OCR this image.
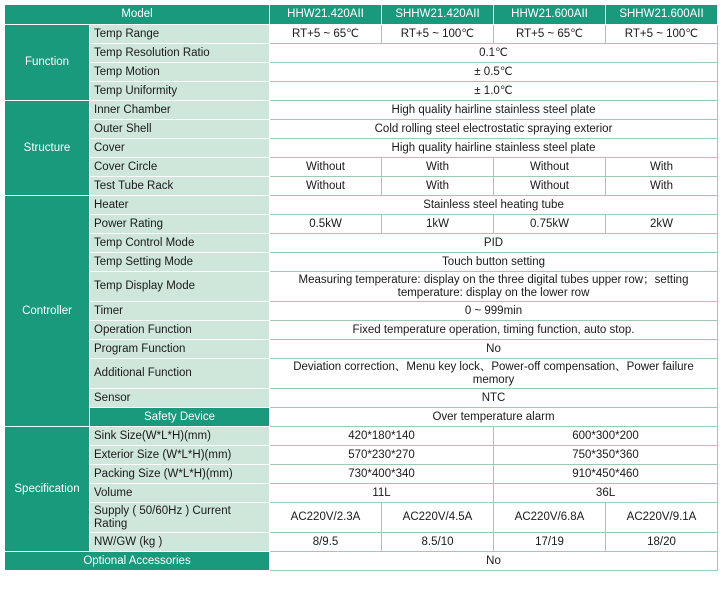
Model		HHW21.420AII	SHHW21.420AII	HHW21.600AII	SHHW21.600AII
Function	Temp Range	RT+5 ~ 65℃	RT+5 ~ 100℃	RT+5 ~ 65℃	RT+5 ~ 100℃
	Temp Resolution Ratio	0.1℃			
	Temp Motion	± 0.5℃			
	Temp Uniformity	± 1.0℃			
Structure	Inner Chamber	High quality hairline stainless steel plate			
	Outer Shell	Cold rolling steel electrostatic spraying exterior			
	Cover	High quality hairline stainless steel plate			
	Cover Circle	Without	With	Without	With
	Test Tube Rack	Without	With	Without	With
Controller	Heater	Stainless steel heating tube			
	Power Rating	0.5kW	1kW	0.75kW	2kW
	Temp Control Mode	PID			
	Temp Setting Mode	Touch button setting			
	Temp Display Mode	Measuring temperature: display on the three digital tubes upper row；setting temperature: display on the lower row			
	Timer	0 ~ 999min			
	Operation Function	Fixed temperature operation, timing function, auto stop.			
	Program Function	No			
	Additional Function	Deviation correction、Menu key lock、Power-off compensation、Power failure memory			
	Sensor	NTC			
	Safety Device	Over temperature alarm			
Specification	Sink Size(W*L*H)(mm)	420*180*140		600*300*200	
	Exterior Size (W*L*H)(mm)	570*230*270		750*350*360	
	Packing Size (W*L*H)(mm)	730*400*340		910*450*460	
	Volume	11L		36L	
	Supply ( 50/60Hz ) Current Rating	AC220V/2.3A	AC220V/4.5A	AC220V/6.8A	AC220V/9.1A
	NW/GW (kg )	8/9.5	8.5/10	17/19	18/20
Optional Accessories		No			
